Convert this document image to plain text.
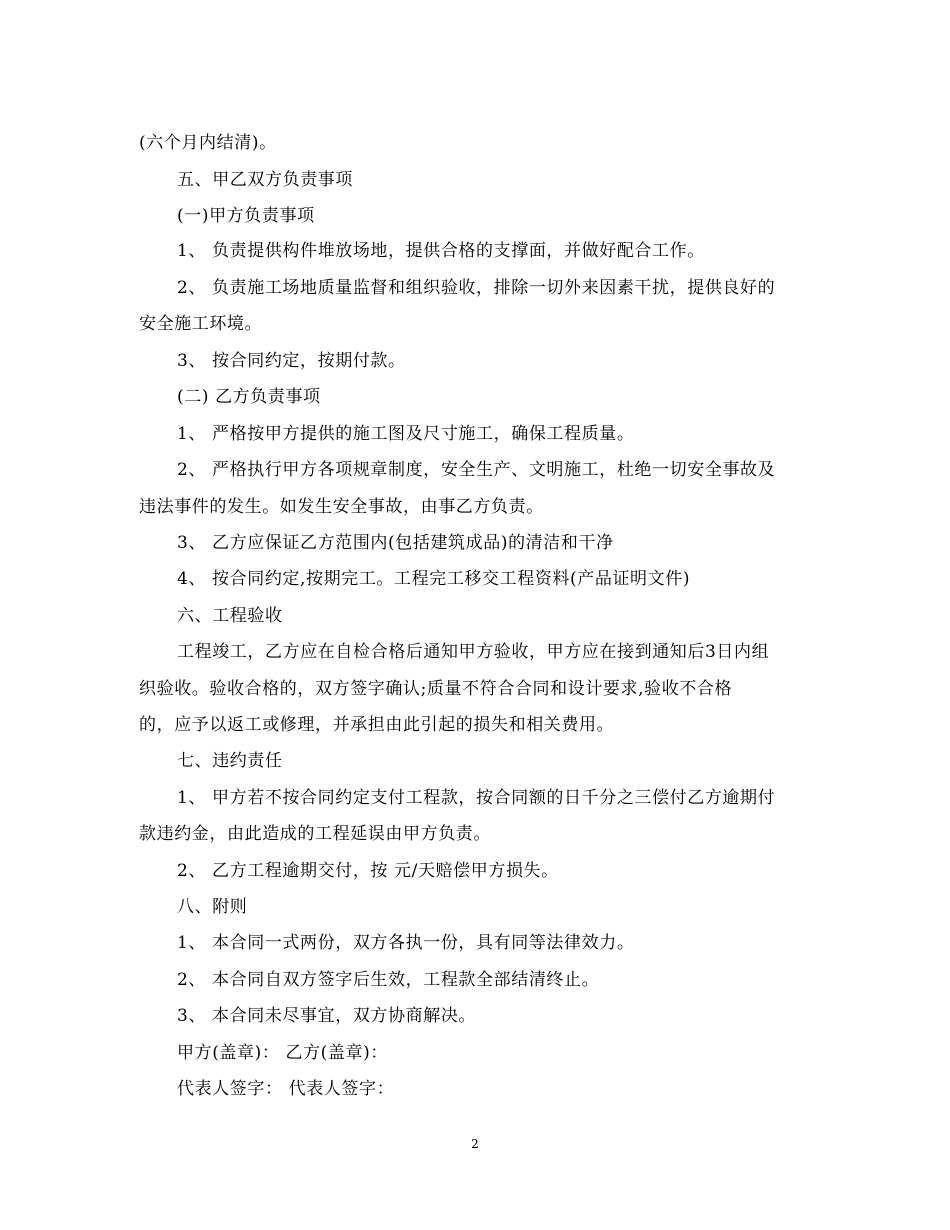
(六个月内结清)。
五、甲乙双方负责事项
(一)甲方负责事项
1、 负责提供构件堆放场地，提供合格的支撑面，并做好配合工作。
2、 负责施工场地质量监督和组织验收，排除一切外来因素干扰，提供良好的
安全施工环境。
3、 按合同约定，按期付款。
(二) 乙方负责事项
1、 严格按甲方提供的施工图及尺寸施工，确保工程质量。
2、 严格执行甲方各项规章制度，安全生产、文明施工，杜绝一切安全事故及
违法事件的发生。如发生安全事故，由事乙方负责。
3、 乙方应保证乙方范围内(包括建筑成品)的清洁和干净
4、 按合同约定,按期完工。工程完工移交工程资料(产品证明文件)
六、工程验收
工程竣工，乙方应在自检合格后通知甲方验收，甲方应在接到通知后3日内组
织验收。验收合格的，双方签字确认;质量不符合合同和设计要求,验收不合格
的，应予以返工或修理，并承担由此引起的损失和相关费用。
七、违约责任
1、 甲方若不按合同约定支付工程款，按合同额的日千分之三偿付乙方逾期付
款违约金，由此造成的工程延误由甲方负责。
2、 乙方工程逾期交付，按 元/天赔偿甲方损失。
八、附则
1、 本合同一式两份，双方各执一份，具有同等法律效力。
2、 本合同自双方签字后生效，工程款全部结清终止。
3、 本合同未尽事宜，双方协商解决。
甲方(盖章)： 乙方(盖章)：
代表人签字： 代表人签字：
2
